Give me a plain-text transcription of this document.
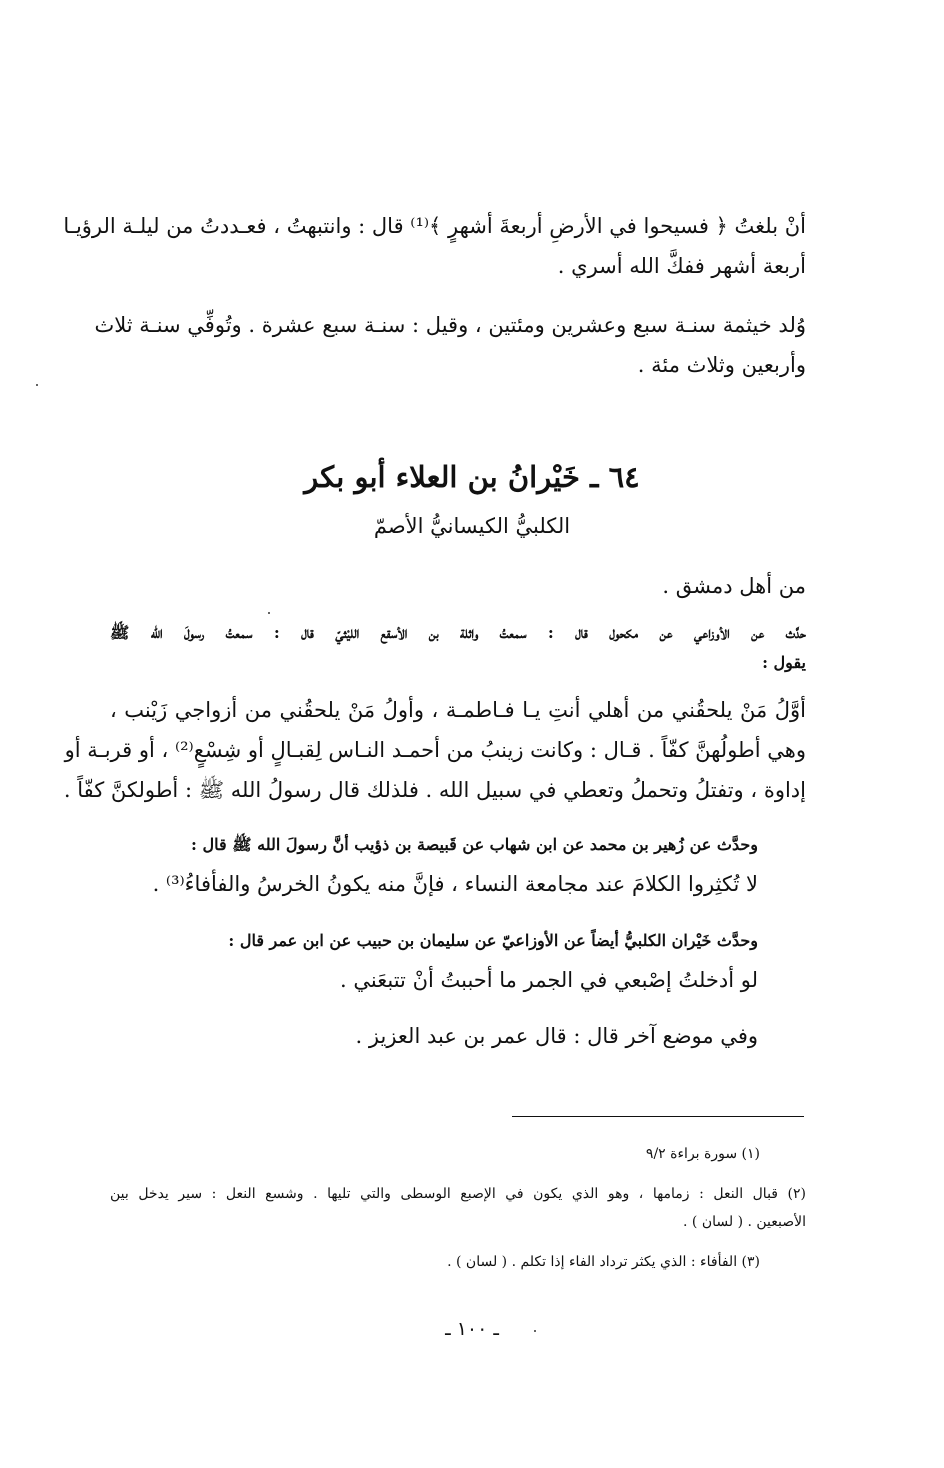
أنْ بلغتُ ﴿ فسيحوا في الأرضِ أربعةَ أشهرٍ ﴾⁽¹⁾ قال : وانتبهتُ ، فعـددتُ من ليلـة الرؤيـا
أربعة أشهر ففكَّ الله أسري .
وُلد خيثمة سنـة سبع وعشرين ومئتين ، وقيل : سنـة سبع عشرة . وتُوفِّي سنـة ثلاث
وأربعين وثلاث مئة .
٦٤ ـ خَيْرانُ بن العلاء أبو بكر
الكلبيُّ الكيسانيُّ الأصمّ
من أهل دمشق .
حدَّث عن الأوزاعي عن مكحول قال : سمعتُ واثلة بن الأسقع الليْثيّ قال : سمعتُ رسولَ الله ﷺ
يقول :
أوَّلُ مَنْ يلحقُني من أهلي أنتِ يـا فـاطمـة ، وأولُ مَنْ يلحقُني من أزواجي زَيْنب ،
وهي أطولُهنَّ كفّاً . قـال : وكانت زينبُ من أحمـد النـاس لِقبـالٍ أو شِسْعٍ⁽²⁾ ، أو قربـة أو
إداوة ، وتفتلُ وتحملُ وتعطي في سبيل الله . فلذلك قال رسولُ الله ﷺ : أطولكنَّ كفّاً .
وحدَّث عن زُهير بن محمد عن ابن شهاب عن قَبيصة بن ذؤيب أنَّ رسولَ الله ﷺ قال :
لا تُكثِروا الكلامَ عند مجامعة النساء ، فإنَّ منه يكونُ الخرسُ والفأفاءُ⁽³⁾ .
وحدَّث خَيْران الكلبيُّ أيضاً عن الأوزاعيّ عن سليمان بن حبيب عن ابن عمر قال :
لو أدخلتُ إصْبعي في الجمر ما أحببتُ أنْ تتبعَني .
وفي موضع آخر قال : قال عمر بن عبد العزيز .
(١) سورة براءة ٩/٢
(٢) قبال النعل : زمامها ، وهو الذي يكون في الإصبع الوسطى والتي تليها . وشسع النعل : سير يدخل بين
الأصبعين . ( لسان ) .
(٣) الفأفاء : الذي يكثر ترداد الفاء إذا تكلم . ( لسان ) .
ـ ١٠٠ ـ
